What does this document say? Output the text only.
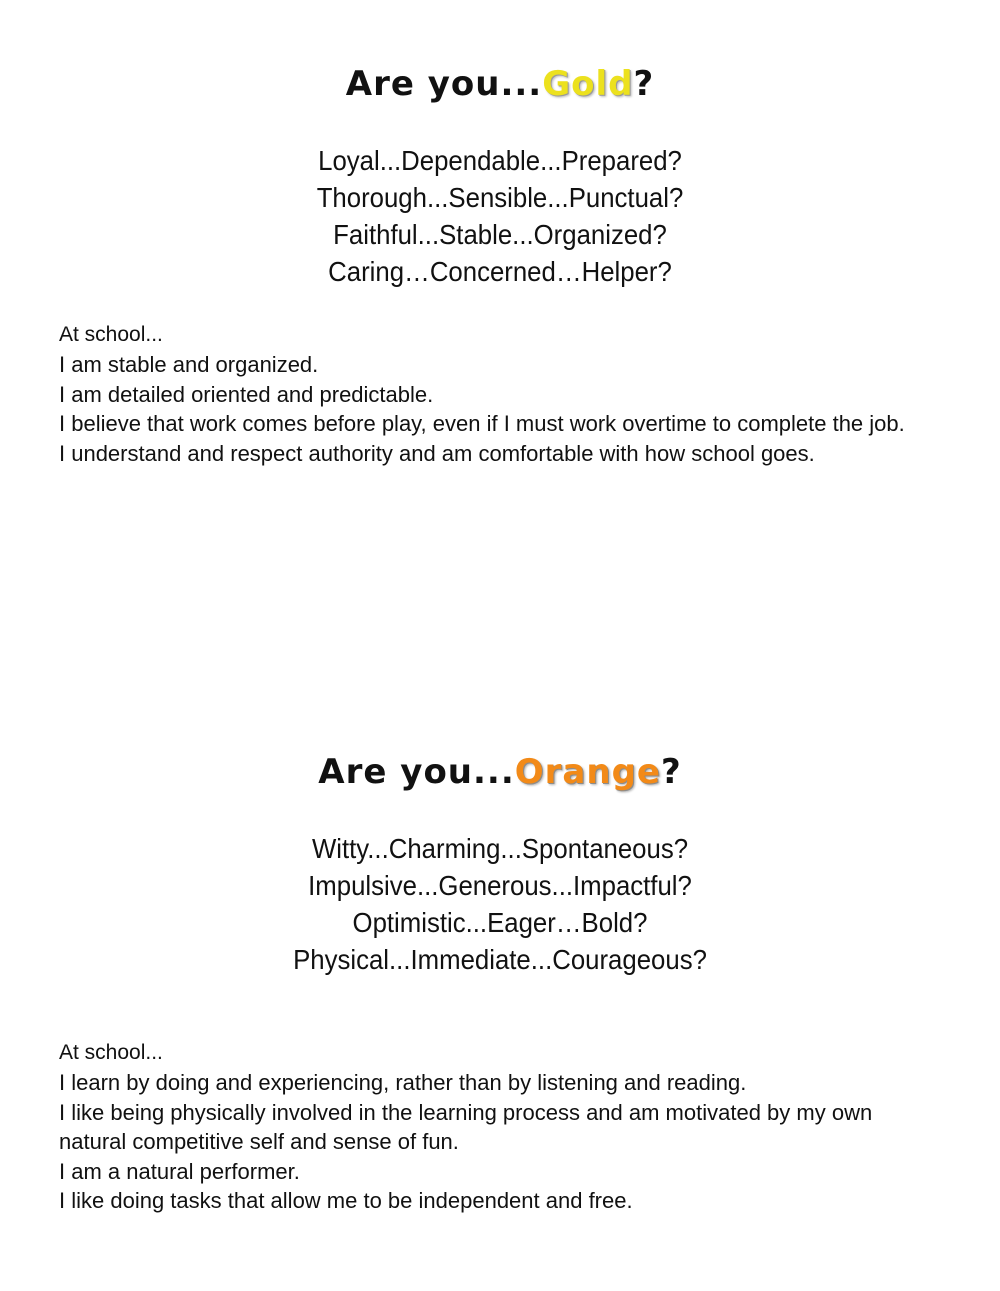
Are you...Gold?
Loyal...Dependable...Prepared?
Thorough...Sensible...Punctual?
Faithful...Stable...Organized?
Caring…Concerned…Helper?
At school...

I am stable and organized.

I am detailed oriented and predictable.

I believe that work comes before play, even if I must work overtime to complete the job.

I understand and respect authority and am comfortable with how school goes.

Are you...Orange?
Witty...Charming...Spontaneous?
Impulsive...Generous...Impactful?
Optimistic...Eager…Bold?
Physical...Immediate...Courageous?
At school...

I learn by doing and experiencing, rather than by listening and reading.

I like being physically involved in the learning process and am motivated by my own natural competitive self and sense of fun.

I am a natural performer.

I like doing tasks that allow me to be independent and free.
